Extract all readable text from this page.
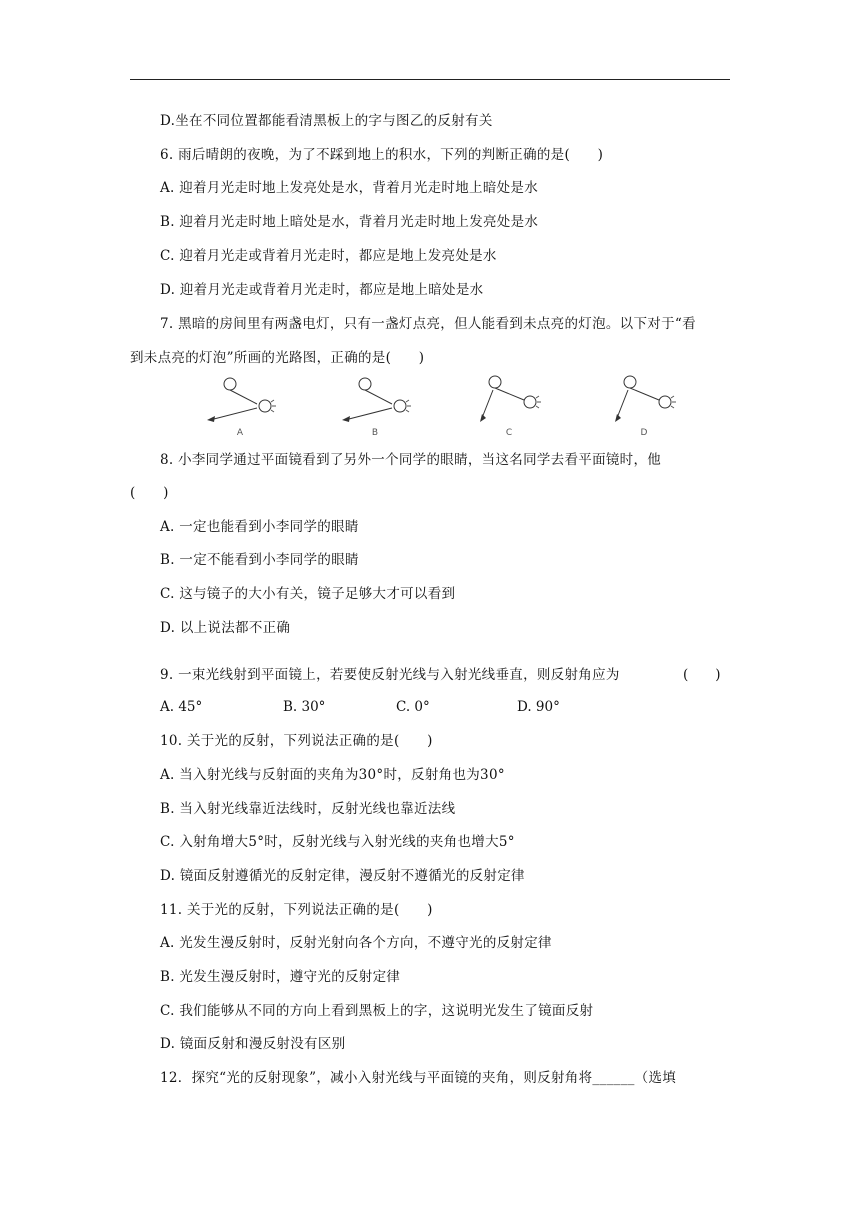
D.坐在不同位置都能看清黑板上的字与图乙的反射有关
6. 雨后晴朗的夜晚，为了不踩到地上的积水，下列的判断正确的是(　　)
A. 迎着月光走时地上发亮处是水，背着月光走时地上暗处是水
B. 迎着月光走时地上暗处是水，背着月光走时地上发亮处是水
C. 迎着月光走或背着月光走时，都应是地上发亮处是水
D. 迎着月光走或背着月光走时，都应是地上暗处是水
7. 黑暗的房间里有两盏电灯，只有一盏灯点亮，但人能看到未点亮的灯泡。以下对于“看
到未点亮的灯泡”所画的光路图，正确的是(　　)
A	B	C	D
8. 小李同学通过平面镜看到了另外一个同学的眼睛，当这名同学去看平面镜时，他
(　　)
A. 一定也能看到小李同学的眼睛
B. 一定不能看到小李同学的眼睛
C. 这与镜子的大小有关，镜子足够大才可以看到
D. 以上说法都不正确
9. 一束光线射到平面镜上，若要使反射光线与入射光线垂直，则反射角应为	(　　)
A. 45°	B. 30°	C. 0°	D. 90°
10. 关于光的反射，下列说法正确的是(　　)
A. 当入射光线与反射面的夹角为30°时，反射角也为30°
B. 当入射光线靠近法线时，反射光线也靠近法线
C. 入射角增大5°时，反射光线与入射光线的夹角也增大5°
D. 镜面反射遵循光的反射定律，漫反射不遵循光的反射定律
11. 关于光的反射，下列说法正确的是(　　)
A. 光发生漫反射时，反射光射向各个方向，不遵守光的反射定律
B. 光发生漫反射时，遵守光的反射定律
C. 我们能够从不同的方向上看到黑板上的字，这说明光发生了镜面反射
D. 镜面反射和漫反射没有区别
12．探究“光的反射现象”，减小入射光线与平面镜的夹角，则反射角将______（选填
